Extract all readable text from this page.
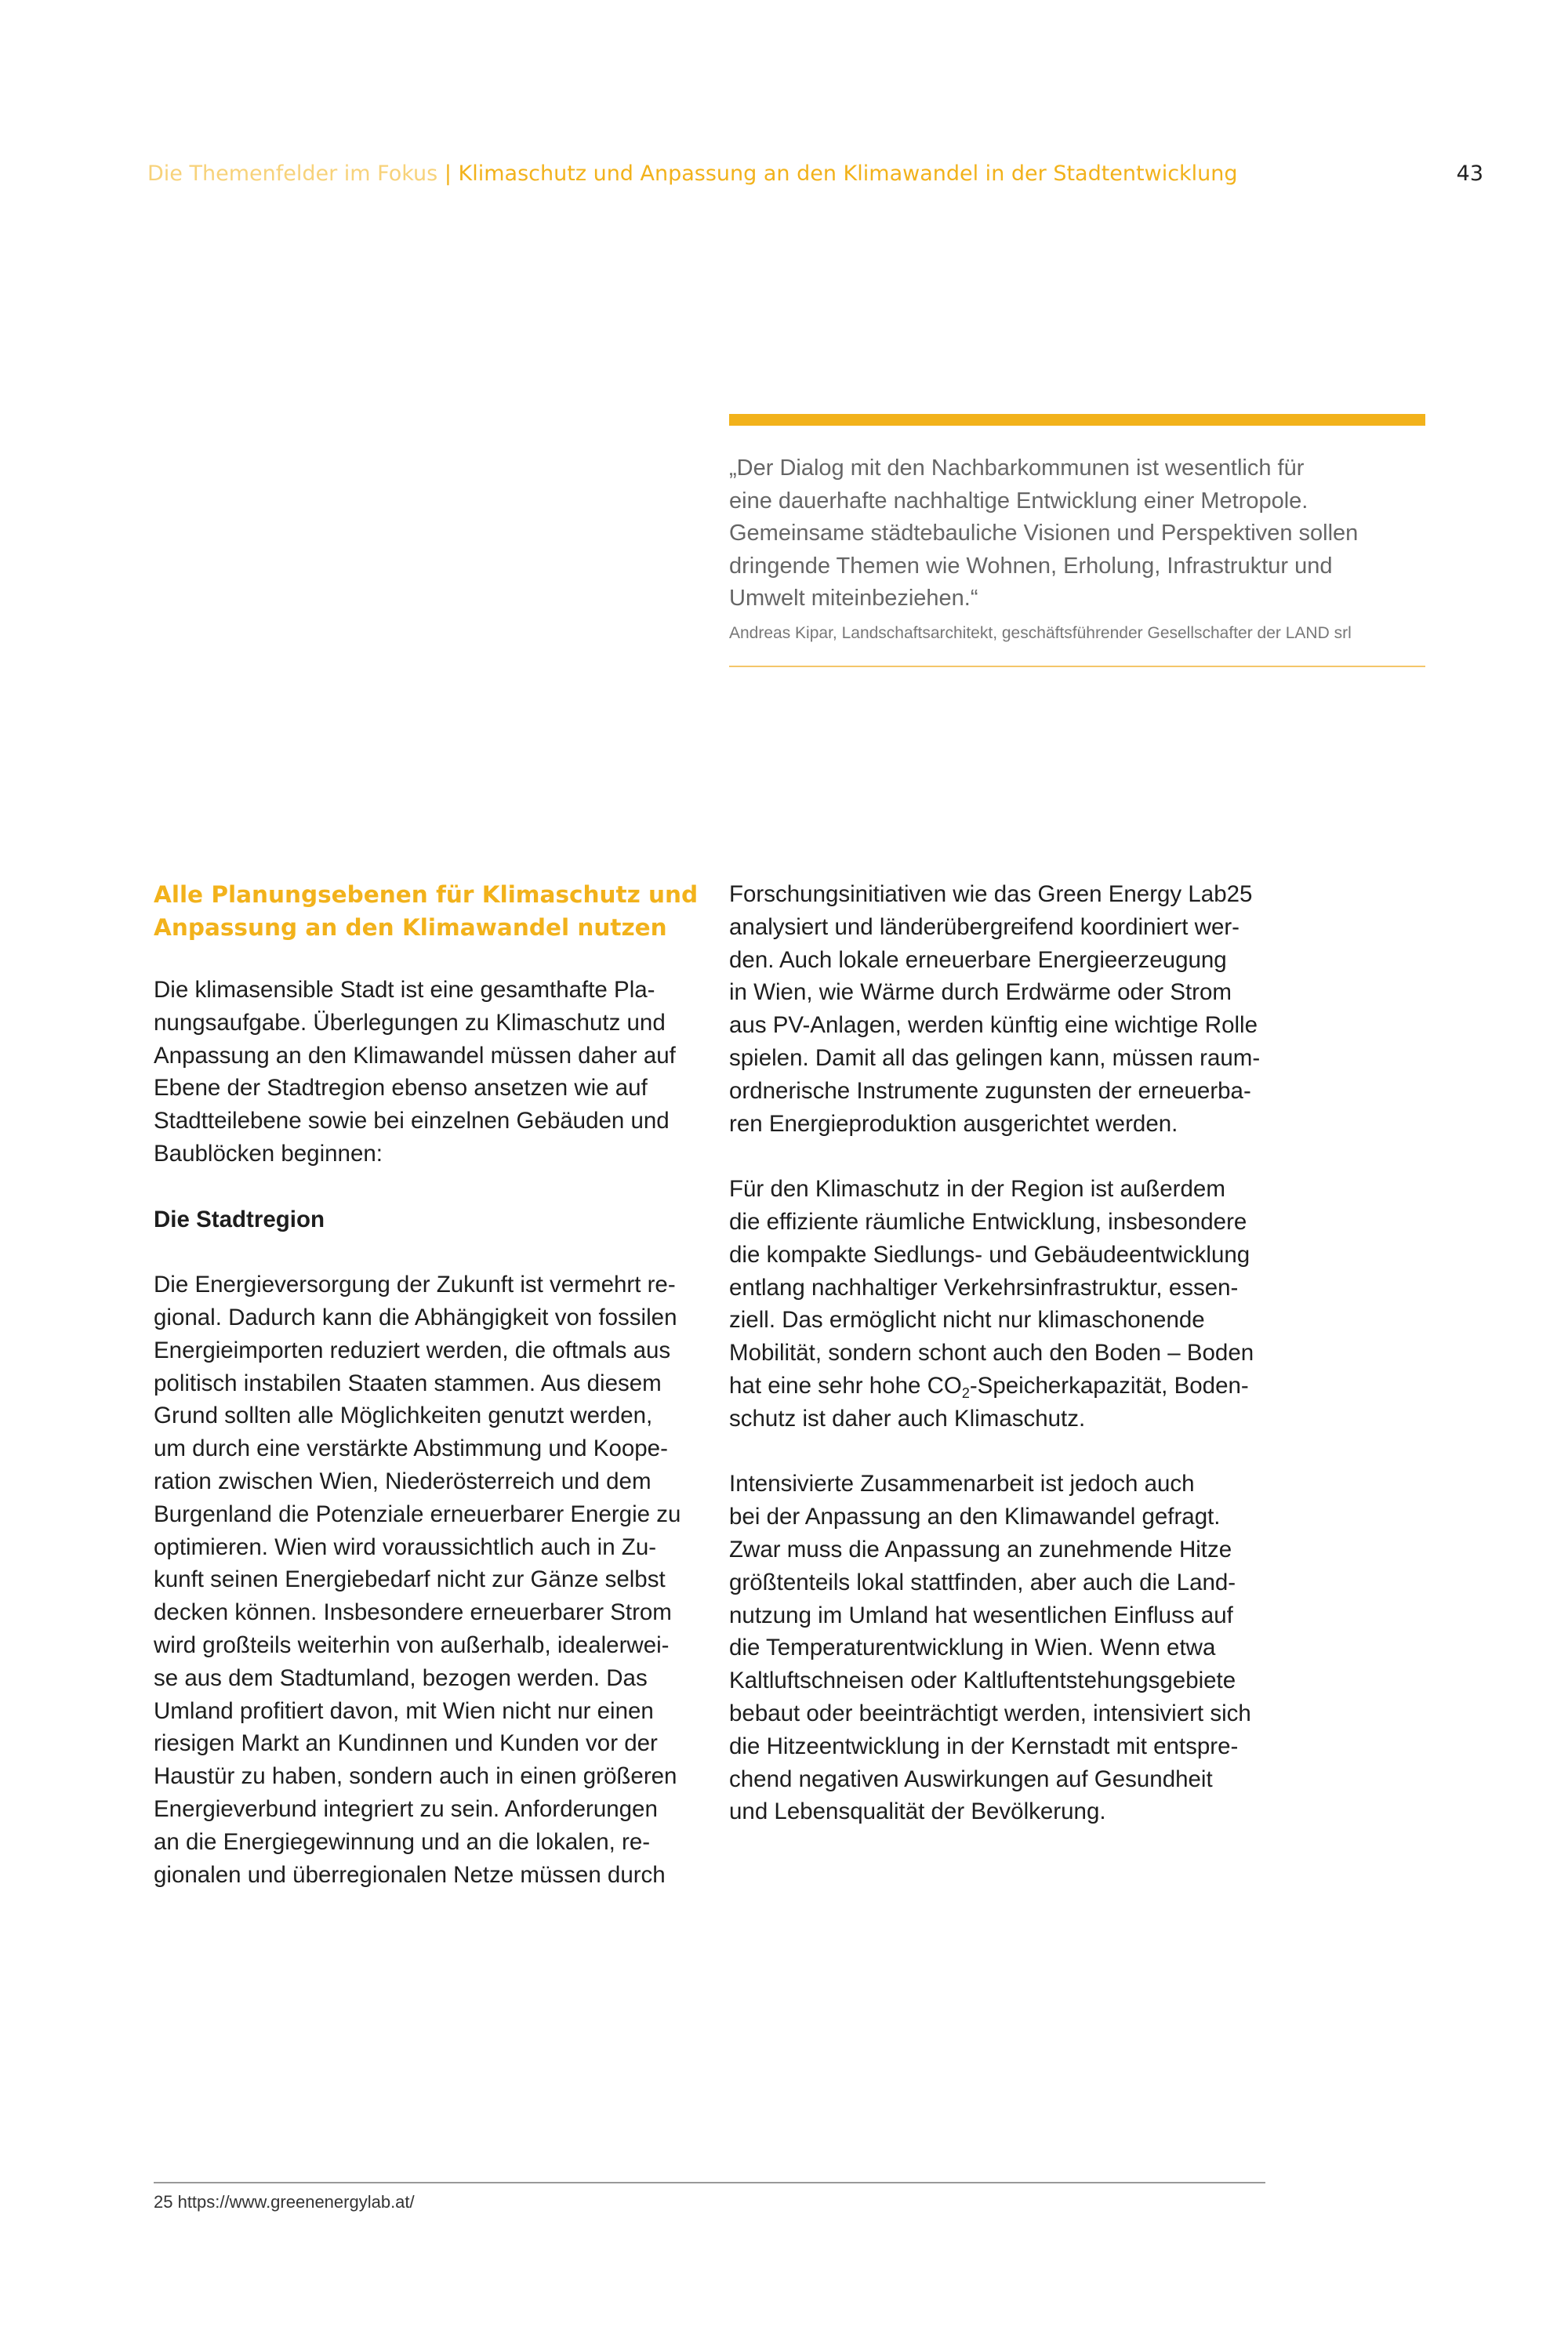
Die Themenfelder im Fokus | Klimaschutz und Anpassung an den Klimawandel in der Stadtentwicklung	43

„Der Dialog mit den Nachbarkommunen ist wesentlich für
eine dauerhafte nachhaltige Entwicklung einer Metropole.
Gemeinsame städtebauliche Visionen und Perspektiven sollen
dringende Themen wie Wohnen, Erholung, Infrastruktur und
Umwelt miteinbeziehen.“

Andreas Kipar, Landschaftsarchitekt, geschäftsführender Gesellschafter der LAND srl
Alle Planungsebenen für Klimaschutz und
Anpassung an den Klimawandel nutzen

Die klimasensible Stadt ist eine gesamthafte Pla-
nungsaufgabe. Überlegungen zu Klimaschutz und
Anpassung an den Klimawandel müssen daher auf
Ebene der Stadtregion ebenso ansetzen wie auf
Stadtteilebene sowie bei einzelnen Gebäuden und
Baublöcken beginnen:

Die Stadtregion

Die Energieversorgung der Zukunft ist vermehrt re-
gional. Dadurch kann die Abhängigkeit von fossilen
Energieimporten reduziert werden, die oftmals aus
politisch instabilen Staaten stammen. Aus diesem
Grund sollten alle Möglichkeiten genutzt werden,
um durch eine verstärkte Abstimmung und Koope-
ration zwischen Wien, Niederösterreich und dem
Burgenland die Potenziale erneuerbarer Energie zu
optimieren. Wien wird voraussichtlich auch in Zu-
kunft seinen Energiebedarf nicht zur Gänze selbst
decken können. Insbesondere erneuerbarer Strom
wird großteils weiterhin von außerhalb, idealerwei-
se aus dem Stadtumland, bezogen werden. Das
Umland profitiert davon, mit Wien nicht nur einen
riesigen Markt an Kundinnen und Kunden vor der
Haustür zu haben, sondern auch in einen größeren
Energieverbund integriert zu sein. Anforderungen
an die Energiegewinnung und an die lokalen, re-
gionalen und überregionalen Netze müssen durch

Forschungsinitiativen wie das Green Energy Lab25
analysiert und länderübergreifend koordiniert wer-
den. Auch lokale erneuerbare Energieerzeugung
in Wien, wie Wärme durch Erdwärme oder Strom
aus PV-Anlagen, werden künftig eine wichtige Rolle
spielen. Damit all das gelingen kann, müssen raum-
ordnerische Instrumente zugunsten der erneuerba-
ren Energieproduktion ausgerichtet werden.

Für den Klimaschutz in der Region ist außerdem
die effiziente räumliche Entwicklung, insbesondere
die kompakte Siedlungs- und Gebäudeentwicklung
entlang nachhaltiger Verkehrsinfrastruktur, essen-
ziell. Das ermöglicht nicht nur klimaschonende
Mobilität, sondern schont auch den Boden – Boden
hat eine sehr hohe $CO_2$-Speicherkapazität, Boden-
schutz ist daher auch Klimaschutz.

Intensivierte Zusammenarbeit ist jedoch auch
bei der Anpassung an den Klimawandel gefragt.
Zwar muss die Anpassung an zunehmende Hitze
größtenteils lokal stattfinden, aber auch die Land-
nutzung im Umland hat wesentlichen Einfluss auf
die Temperaturentwicklung in Wien. Wenn etwa
Kaltluftschneisen oder Kaltluftentstehungsgebiete
bebaut oder beeinträchtigt werden, intensiviert sich
die Hitzeentwicklung in der Kernstadt mit entspre-
chend negativen Auswirkungen auf Gesundheit
und Lebensqualität der Bevölkerung.

25 https://www.greenenergylab.at/
